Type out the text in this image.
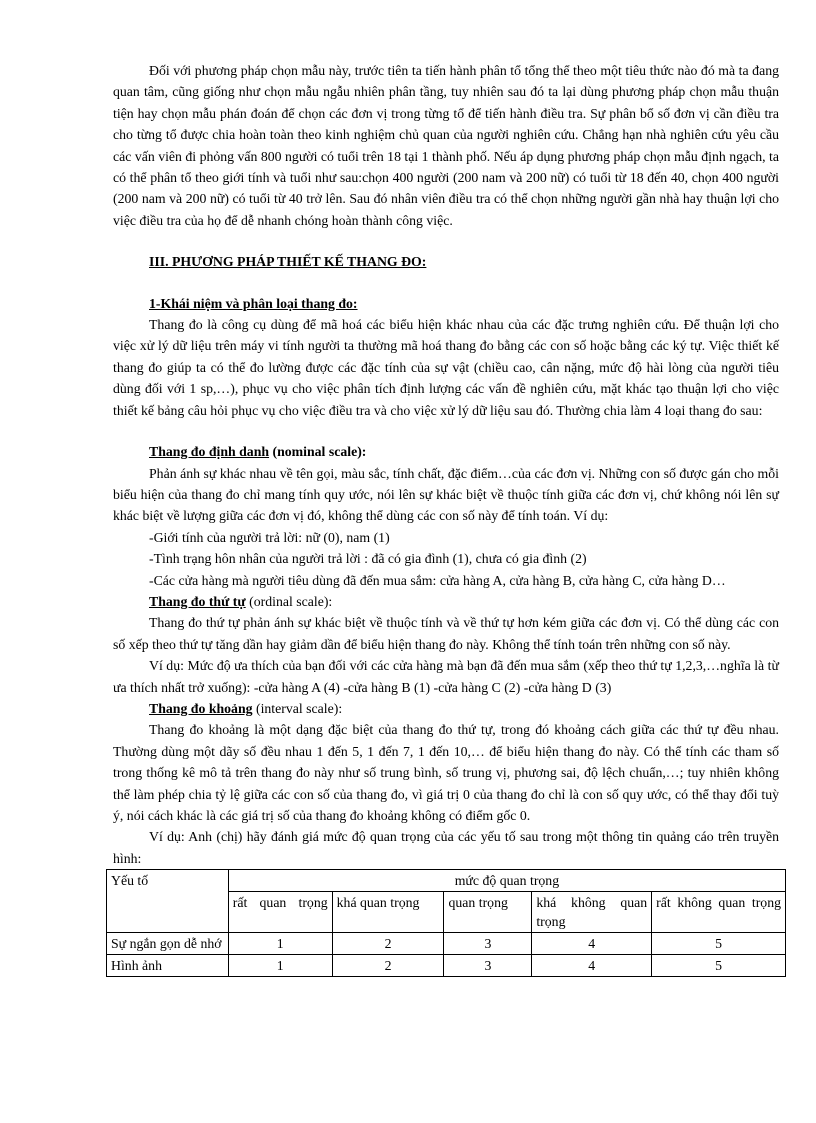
Đối với phương pháp chọn mẫu này, trước tiên ta tiến hành phân tổ tổng thể theo một tiêu thức nào đó mà ta đang quan tâm, cũng giống như chọn mẫu ngẫu nhiên phân tầng, tuy nhiên sau đó ta lại dùng phương pháp chọn mẫu thuận tiện hay chọn mẫu phán đoán để chọn các đơn vị trong từng tổ để tiến hành điều tra. Sự phân bổ số đơn vị cần điều tra cho từng tổ được chia hoàn toàn theo kinh nghiệm chủ quan của người nghiên cứu. Chẳng hạn nhà nghiên cứu yêu cầu các vấn viên đi phỏng vấn 800 người có tuổi trên 18 tại 1 thành phố. Nếu áp dụng phương pháp chọn mẫu định ngạch, ta có thể phân tổ theo giới tính và tuổi như sau:chọn 400 người (200 nam và 200 nữ) có tuổi từ 18 đến 40, chọn 400 người (200 nam và 200 nữ) có tuổi từ 40 trở lên. Sau đó nhân viên điều tra có thể chọn những người gần nhà hay thuận lợi cho việc điều tra của họ để dễ nhanh chóng hoàn thành công việc.

III. PHƯƠNG PHÁP THIẾT KẾ THANG ĐO:

1-Khái niệm và phân loại thang đo:

Thang đo là công cụ dùng để mã hoá các biểu hiện khác nhau của các đặc trưng nghiên cứu. Để thuận lợi cho việc xử lý dữ liệu trên máy vi tính người ta thường mã hoá thang đo bằng các con số hoặc bằng các ký tự. Việc thiết kế thang đo giúp ta có thể đo lường được các đặc tính của sự vật (chiều cao, cân nặng, mức độ hài lòng của người tiêu dùng đối với 1 sp,…), phục vụ cho việc phân tích định lượng các vấn đề nghiên cứu, mặt khác tạo thuận lợi cho việc thiết kế bảng câu hỏi phục vụ cho việc điều tra và cho việc xử lý dữ liệu sau đó. Thường chia làm 4 loại thang đo sau:

Thang đo định danh (nominal scale):

Phản ánh sự khác nhau về tên gọi, màu sắc, tính chất, đặc điểm…của các đơn vị. Những con số được gán cho mỗi biểu hiện của thang đo chỉ mang tính quy ước, nói lên sự khác biệt về thuộc tính giữa các đơn vị, chứ không nói lên sự khác biệt về lượng giữa các đơn vị đó, không thể dùng các con số này để tính toán. Ví dụ:

-Giới tính của người trả lời: nữ (0), nam (1)

-Tình trạng hôn nhân của người trả lời : đã có gia đình (1), chưa có gia đình (2)

-Các cửa hàng mà người tiêu dùng đã đến mua sắm: cửa hàng A, cửa hàng B, cửa hàng C, cửa hàng D…

Thang đo thứ tự (ordinal scale):

Thang đo thứ tự phản ánh sự khác biệt về thuộc tính và về thứ tự hơn kém giữa các đơn vị. Có thể dùng các con số xếp theo thứ tự tăng dần hay giảm dần để biểu hiện thang đo này. Không thể tính toán trên những con số này.

Ví dụ: Mức độ ưa thích của bạn đối với các cửa hàng mà bạn đã đến mua sắm (xếp theo thứ tự 1,2,3,…nghĩa là từ ưa thích nhất trở xuống): -cửa hàng A (4) -cửa hàng B (1) -cửa hàng C (2) -cửa hàng D (3)

Thang đo khoảng (interval scale):

Thang đo khoảng là một dạng đặc biệt của thang đo thứ tự, trong đó khoảng cách giữa các thứ tự đều nhau. Thường dùng một dãy số đều nhau 1 đến 5, 1 đến 7, 1 đến 10,… để biểu hiện thang đo này. Có thể tính các tham số trong thống kê mô tả trên thang đo này như số trung bình, số trung vị, phương sai, độ lệch chuẩn,…; tuy nhiên không thể làm phép chia tỷ lệ giữa các con số của thang đo, vì giá trị 0 của thang đo chỉ là con số quy ước, có thể thay đổi tuỳ ý, nói cách khác là các giá trị số của thang đo khoảng không có điểm gốc 0.

Ví dụ: Anh (chị) hãy đánh giá mức độ quan trọng của các yếu tố sau trong một thông tin quảng cáo trên truyền hình:

Yếu tố	mức độ quan trọng				
	rất quan trọng	khá quan trọng	quan trọng	khá không quan trọng	rất không quan trọng
Sự ngắn gọn dễ nhớ	1	2	3	4	5
Hình ảnh	1	2	3	4	5
